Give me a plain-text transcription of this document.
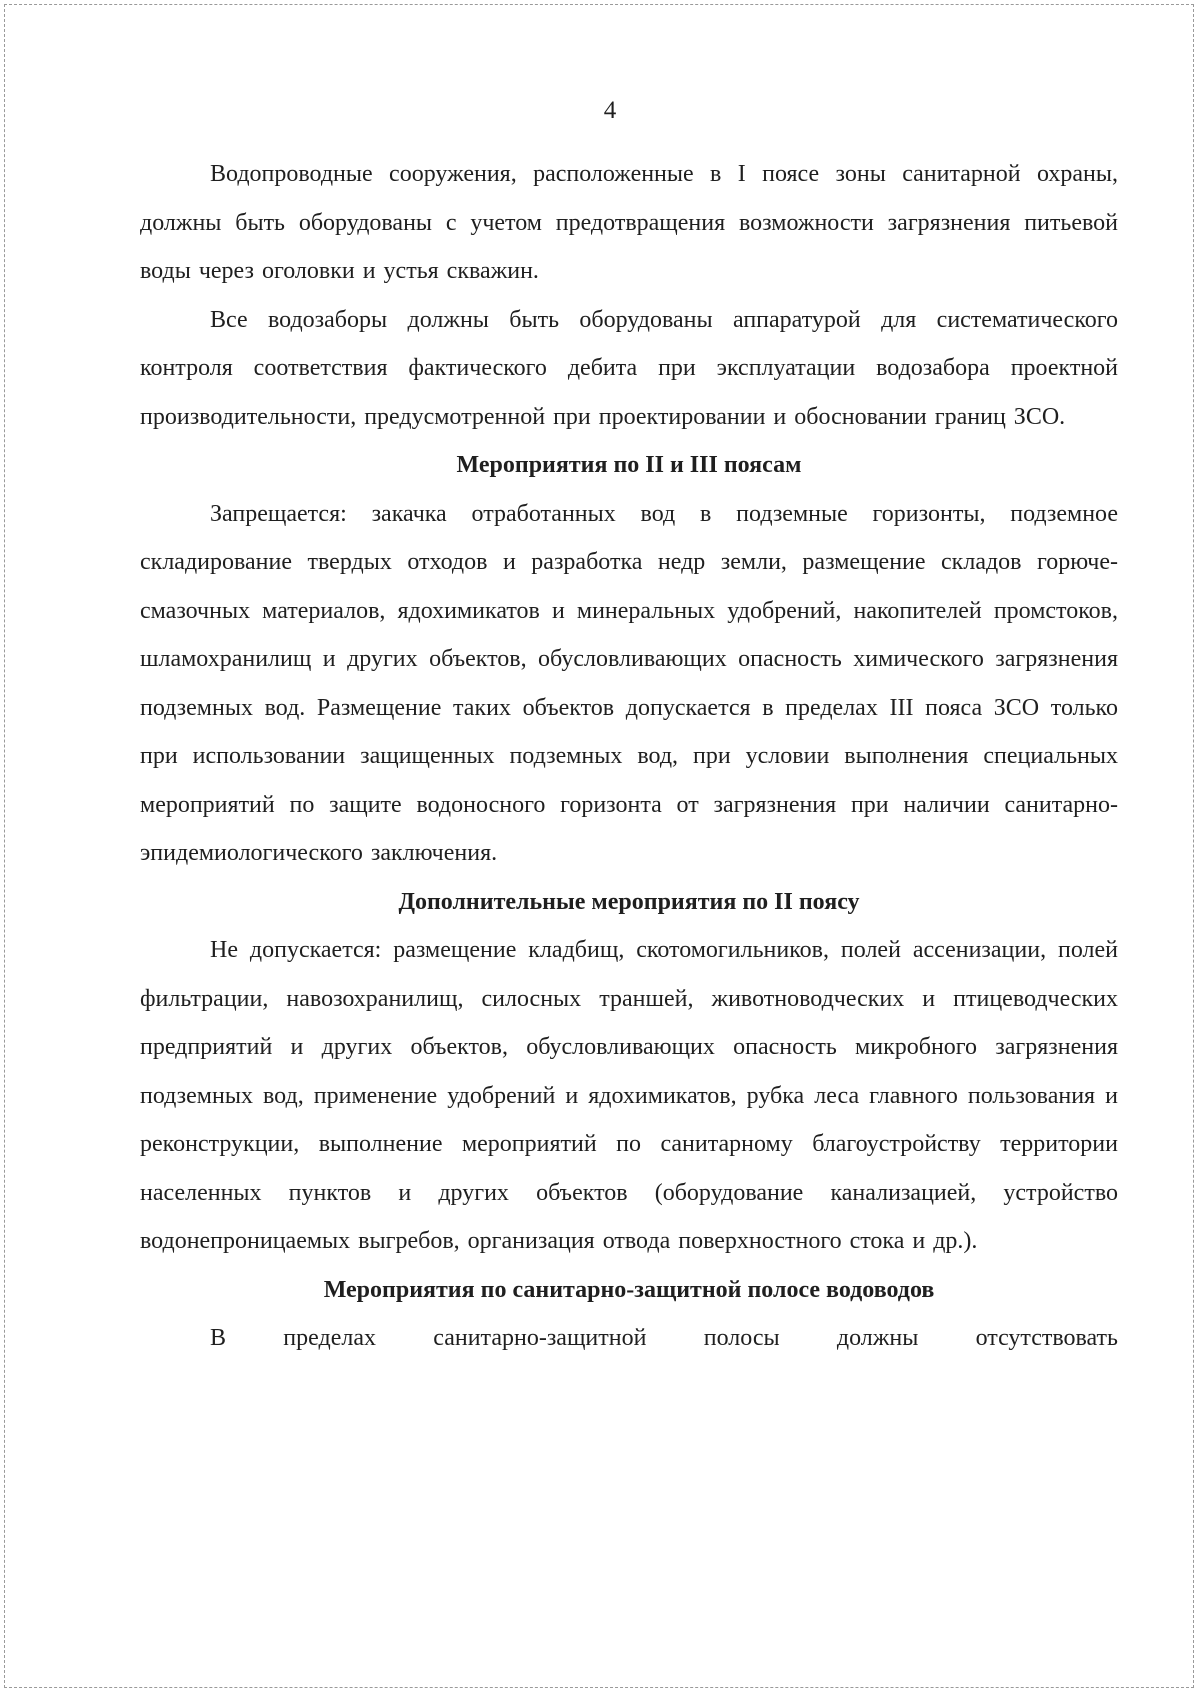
4

Водопроводные сооружения, расположенные в I поясе зоны санитарной охраны, должны быть оборудованы с учетом предотвращения возможности загрязнения питьевой воды через оголовки и устья скважин.

Все водозаборы должны быть оборудованы аппаратурой для систематического контроля соответствия фактического дебита при эксплуатации водозабора проектной производительности, предусмотренной при проектировании и обосновании границ ЗСО.

Мероприятия по II и III поясам

Запрещается: закачка отработанных вод в подземные горизонты, подземное складирование твердых отходов и разработка недр земли, размещение складов горюче-смазочных материалов, ядохимикатов и минеральных удобрений, накопителей промстоков, шламохранилищ и других объектов, обусловливающих опасность химического загрязнения подземных вод. Размещение таких объектов допускается в пределах III пояса ЗСО только при использовании защищенных подземных вод, при условии выполнения специальных мероприятий по защите водоносного горизонта от загрязнения при наличии санитарно-эпидемиологического заключения.

Дополнительные мероприятия по II поясу

Не допускается: размещение кладбищ, скотомогильников, полей ассенизации, полей фильтрации, навозохранилищ, силосных траншей, животноводческих и птицеводческих предприятий и других объектов, обусловливающих опасность микробного загрязнения подземных вод, применение удобрений и ядохимикатов, рубка леса главного пользования и реконструкции, выполнение мероприятий по санитарному благоустройству территории населенных пунктов и других объектов (оборудование канализацией, устройство водонепроницаемых выгребов, организация отвода поверхностного стока и др.).

Мероприятия по санитарно-защитной полосе водоводов

В пределах санитарно-защитной полосы должны отсутствовать
